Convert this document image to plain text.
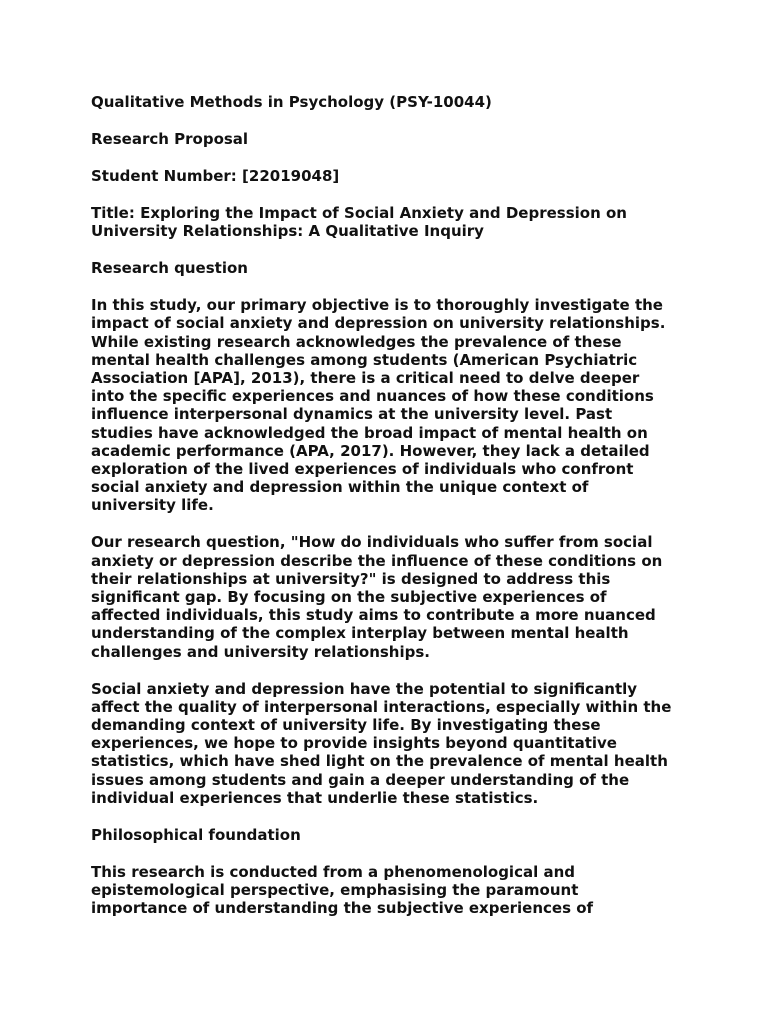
Qualitative Methods in Psychology (PSY-10044)
Research Proposal
Student Number: [22019048]
Title: Exploring the Impact of Social Anxiety and Depression on
University Relationships: A Qualitative Inquiry
Research question
In this study, our primary objective is to thoroughly investigate the
impact of social anxiety and depression on university relationships.
While existing research acknowledges the prevalence of these
mental health challenges among students (American Psychiatric
Association [APA], 2013), there is a critical need to delve deeper
into the specific experiences and nuances of how these conditions
influence interpersonal dynamics at the university level. Past
studies have acknowledged the broad impact of mental health on
academic performance (APA, 2017). However, they lack a detailed
exploration of the lived experiences of individuals who confront
social anxiety and depression within the unique context of
university life.
Our research question, "How do individuals who suffer from social
anxiety or depression describe the influence of these conditions on
their relationships at university?" is designed to address this
significant gap. By focusing on the subjective experiences of
affected individuals, this study aims to contribute a more nuanced
understanding of the complex interplay between mental health
challenges and university relationships.
Social anxiety and depression have the potential to significantly
affect the quality of interpersonal interactions, especially within the
demanding context of university life. By investigating these
experiences, we hope to provide insights beyond quantitative
statistics, which have shed light on the prevalence of mental health
issues among students and gain a deeper understanding of the
individual experiences that underlie these statistics.
Philosophical foundation
This research is conducted from a phenomenological and
epistemological perspective, emphasising the paramount
importance of understanding the subjective experiences of
